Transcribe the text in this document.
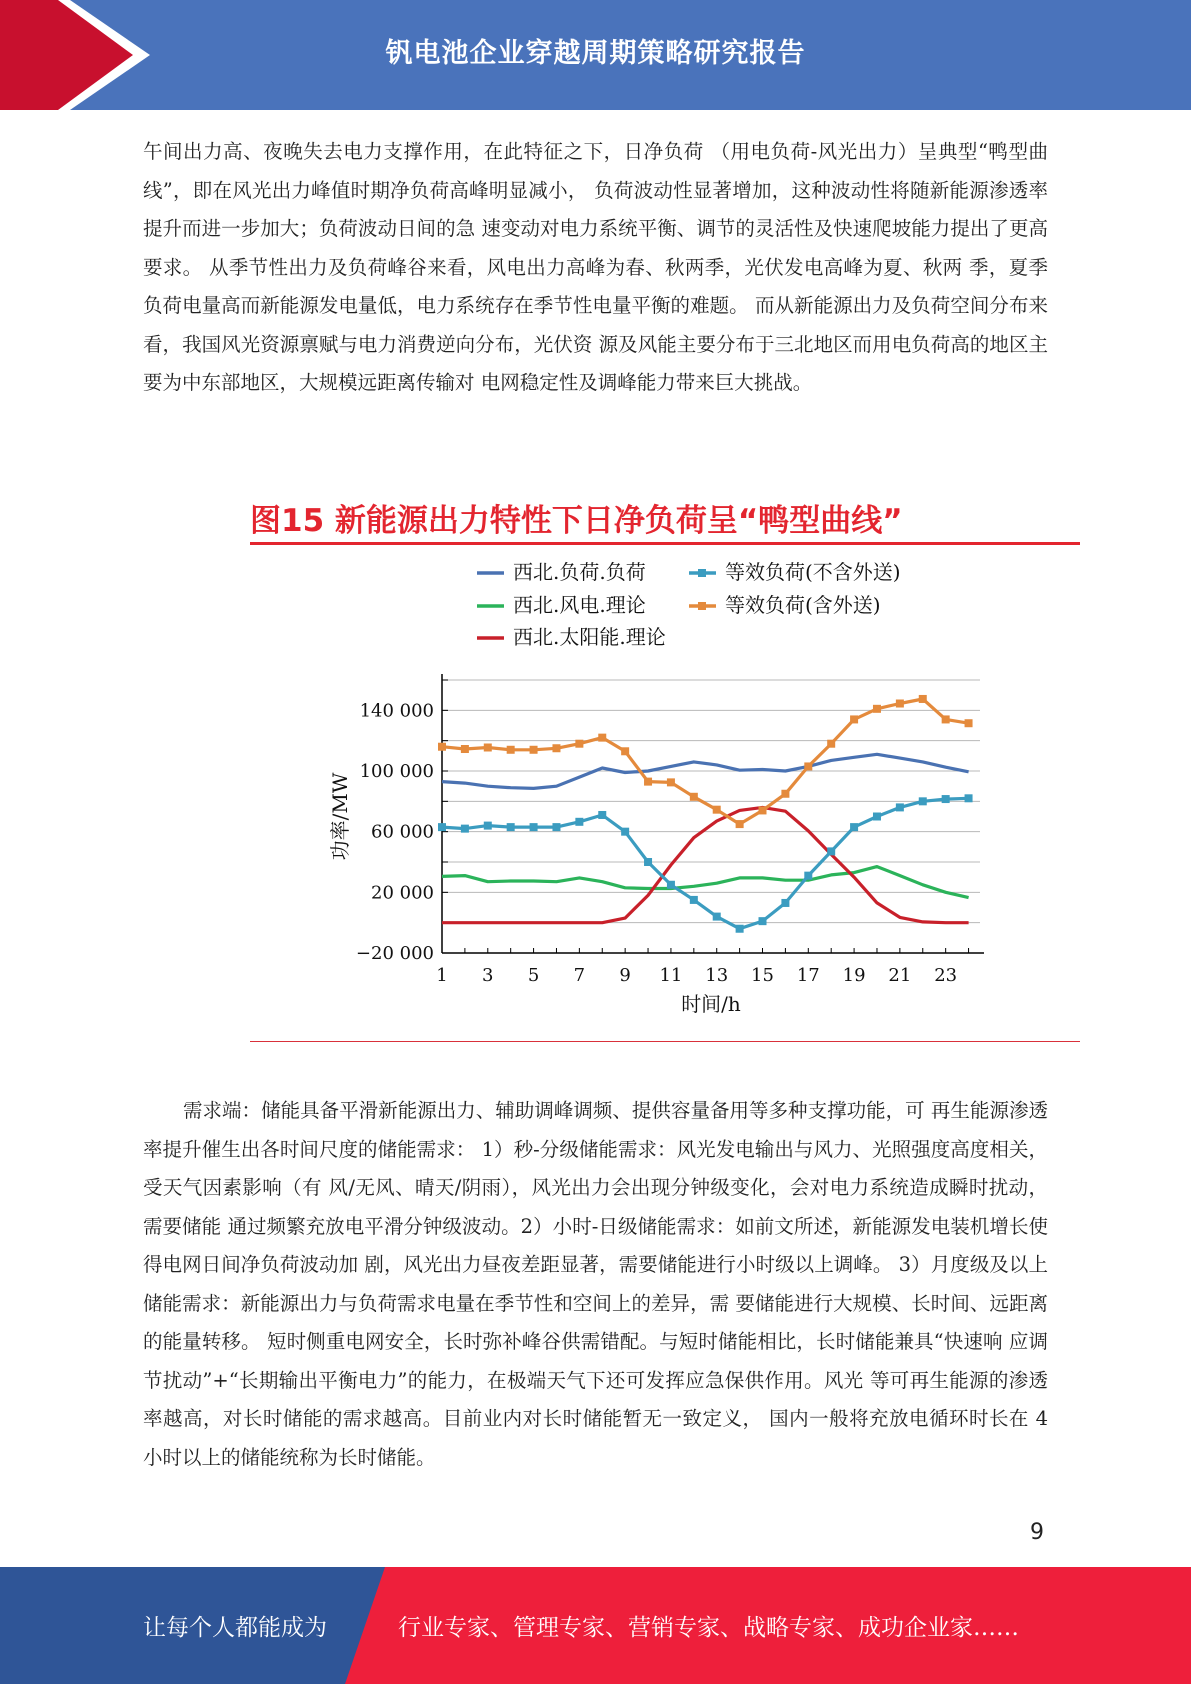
钒电池企业穿越周期策略研究报告

午间出力高、夜晚失去电力支撑作用，在此特征之下，日净负荷 （用电负荷-风光出力）呈典型“鸭型曲线”，即在风光出力峰值时期净负荷高峰明显减小， 负荷波动性显著增加，这种波动性将随新能源渗透率提升而进一步加大；负荷波动日间的急 速变动对电力系统平衡、调节的灵活性及快速爬坡能力提出了更高要求。 从季节性出力及负荷峰谷来看，风电出力高峰为春、秋两季，光伏发电高峰为夏、秋两 季，夏季负荷电量高而新能源发电量低，电力系统存在季节性电量平衡的难题。 而从新能源出力及负荷空间分布来看，我国风光资源禀赋与电力消费逆向分布，光伏资 源及风能主要分布于三北地区而用电负荷高的地区主要为中东部地区，大规模远距离传输对 电网稳定性及调峰能力带来巨大挑战。

图15 新能源出力特性下日净负荷呈“鸭型曲线”
西北.负荷.负荷	等效负荷(不含外送)
西北.风电.理论	等效负荷(含外送)
西北.太阳能.理论
−20 000
20 000
60 000
100 000
140 000
1 3 5 7 9 11 13 15 17 19 21 23
功率/MW
时间/h

需求端：储能具备平滑新能源出力、辅助调峰调频、提供容量备用等多种支撑功能，可 再生能源渗透率提升催生出各时间尺度的储能需求： 1）秒-分级储能需求：风光发电输出与风力、光照强度高度相关，受天气因素影响（有 风/无风、晴天/阴雨），风光出力会出现分钟级变化，会对电力系统造成瞬时扰动，需要储能 通过频繁充放电平滑分钟级波动。2）小时-日级储能需求：如前文所述，新能源发电装机增长使得电网日间净负荷波动加 剧，风光出力昼夜差距显著，需要储能进行小时级以上调峰。 3）月度级及以上储能需求：新能源出力与负荷需求电量在季节性和空间上的差异，需 要储能进行大规模、长时间、远距离的能量转移。 短时侧重电网安全，长时弥补峰谷供需错配。与短时储能相比，长时储能兼具“快速响 应调节扰动”+“长期输出平衡电力”的能力，在极端天气下还可发挥应急保供作用。风光 等可再生能源的渗透率越高，对长时储能的需求越高。目前业内对长时储能暂无一致定义， 国内一般将充放电循环时长在 4 小时以上的储能统称为长时储能。

9
让每个人都能成为	行业专家、管理专家、营销专家、战略专家、成功企业家……
